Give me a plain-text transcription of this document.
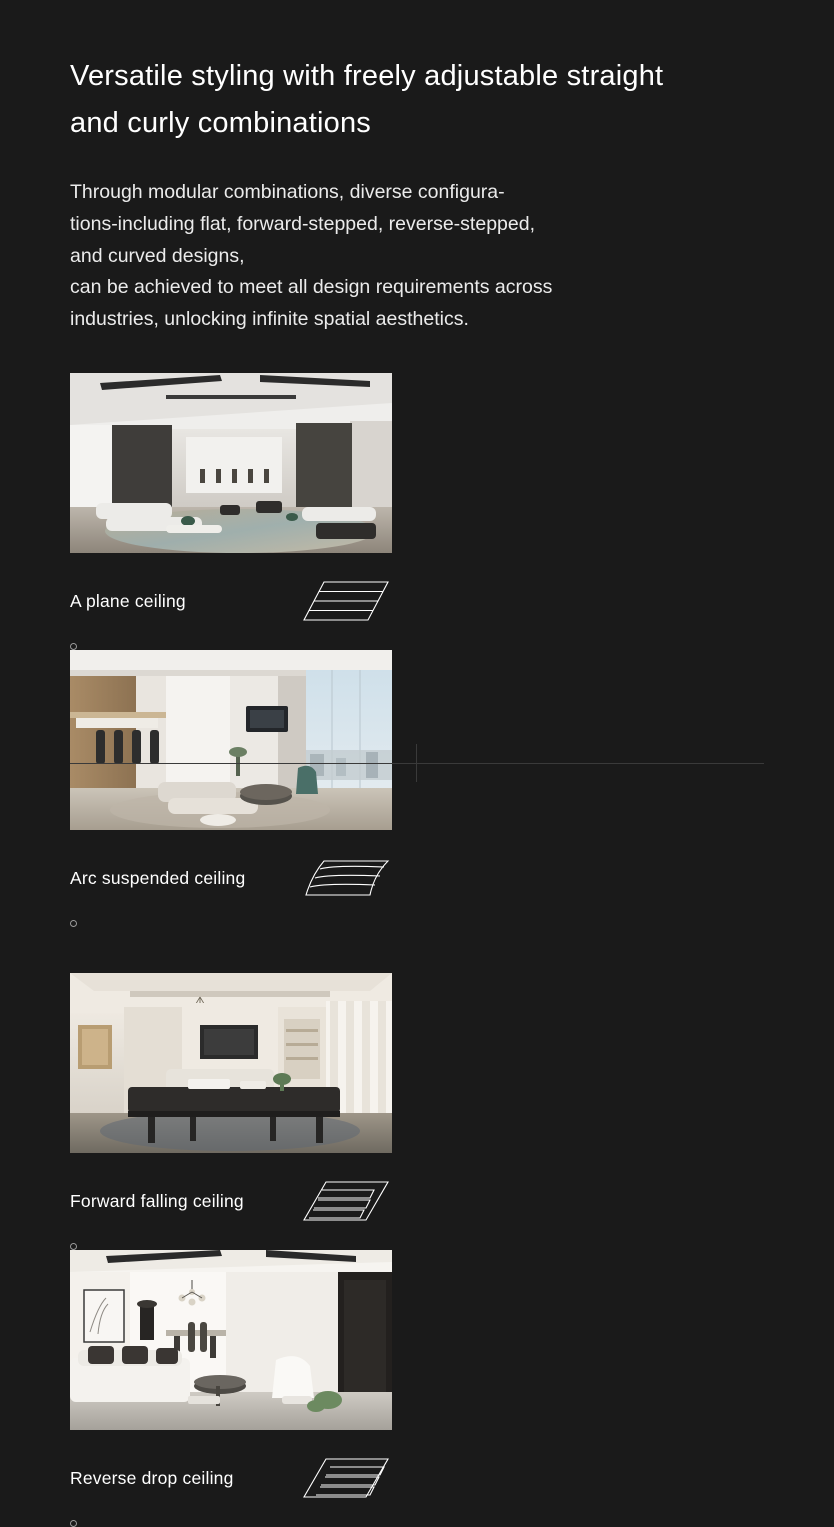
Versatile styling with freely adjustable straight and curly combinations
Through modular combinations, diverse configura-
tions-including flat, forward-stepped, reverse-stepped,
and curved designs,
can be achieved to meet all design requirements across
industries, unlocking infinite spatial aesthetics.
A plane ceiling
Arc suspended ceiling
Forward falling ceiling
Reverse drop ceiling
